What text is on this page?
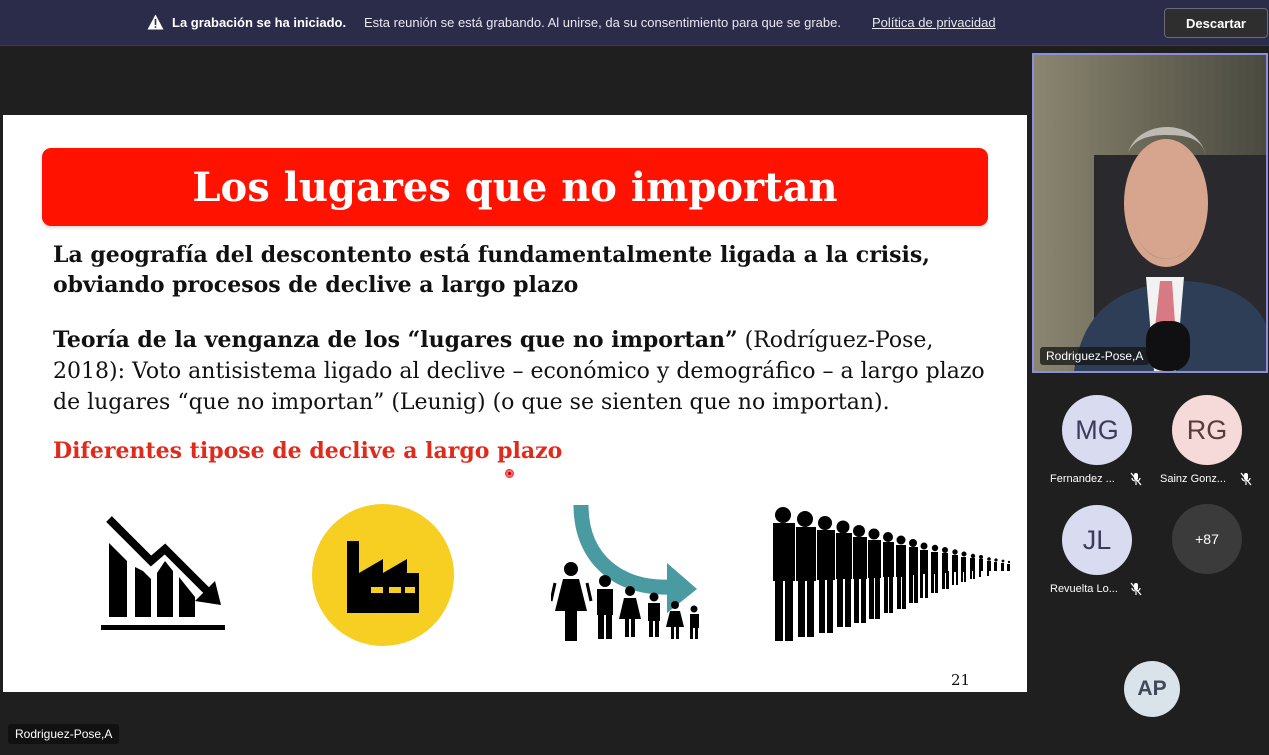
La grabación se ha iniciado. Esta reunión se está grabando. Al unirse, da su consentimiento para que se grabe. Política de privacidad	Descartar
Los lugares que no importan
La geografía del descontento está fundamentalmente ligada a la crisis, obviando procesos de declive a largo plazo
Teoría de la venganza de los “lugares que no importan” (Rodríguez-Pose, 2018): Voto antisistema ligado al declive – económico y demográfico – a largo plazo de lugares “que no importan” (Leunig) (o que se sienten que no importan).
Diferentes tipose de declive a largo plazo
21
Rodriguez-Pose,A
MG
Fernandez ...
RG
Sainz Gonz...
JL
Revuelta Lo...
+87
AP
Rodriguez-Pose,A
